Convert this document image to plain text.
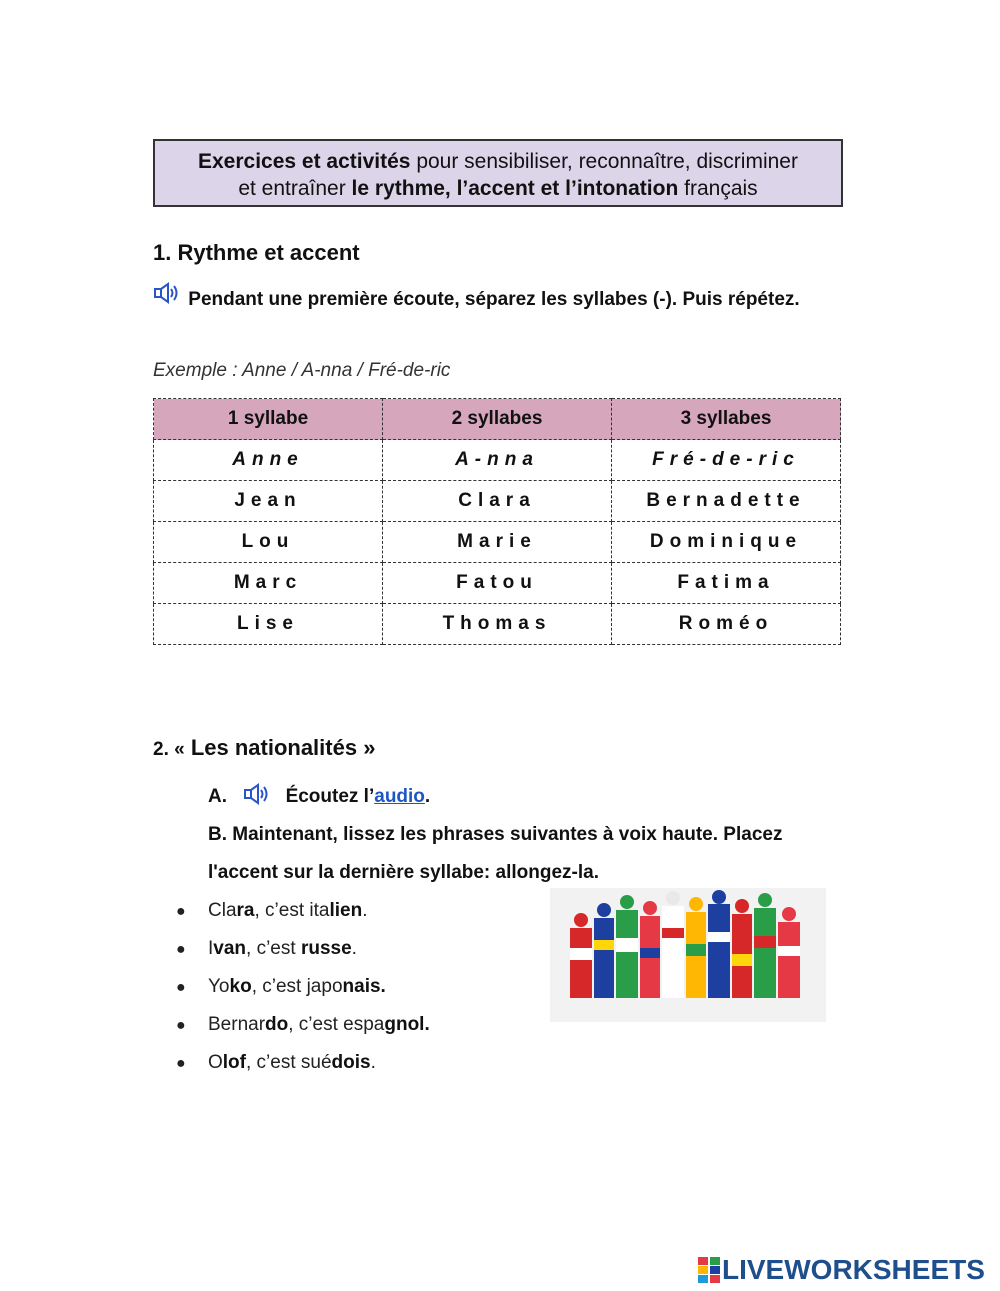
Exercices et activités pour sensibiliser, reconnaître, discriminer
et entraîner le rythme, l’accent et l’intonation français
1. Rythme et accent
Pendant une première écoute, séparez les syllabes (-). Puis répétez.
Exemple : Anne / A-nna / Fré-de-ric
1 syllabe	2 syllabes	3 syllabes
Anne	A-nna	Fré-de-ric
Jean	Clara	Bernadette
Lou	Marie	Dominique
Marc	Fatou	Fatima
Lise	Thomas	Roméo
2. « Les nationalités »
A.	Écoutez l’audio.
B. Maintenant, lissez les phrases suivantes à voix haute. Placez l'accent sur la dernière syllabe: allongez-la.
● Clara, c’est italien.
● Ivan, c’est russe.
● Yoko, c’est japonais.
● Bernardo, c’est espagnol.
● Olof, c’est suédois.
LIVEWORKSHEETS
